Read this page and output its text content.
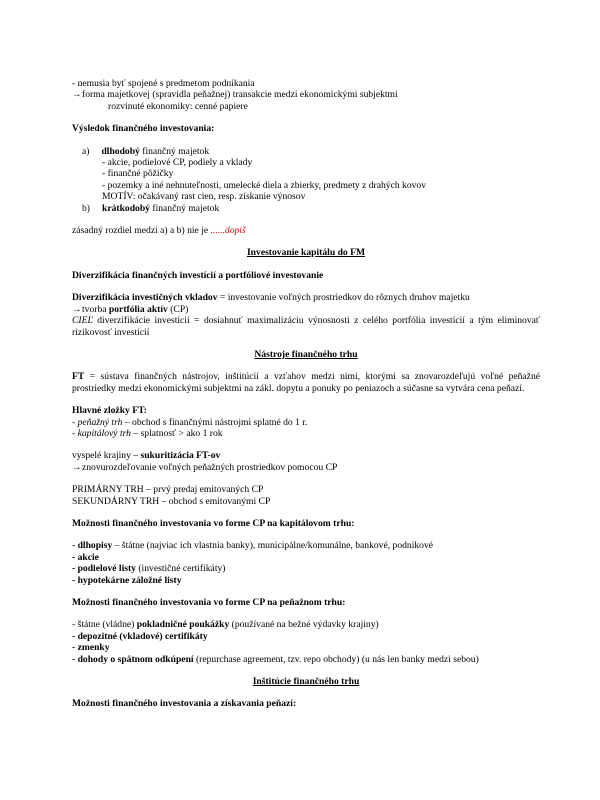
- nemusia byť spojené s predmetom podnikania
→forma majetkovej (spravidla peňažnej) transakcie medzi ekonomickými subjektmi
rozvinuté ekonomiky: cenné papiere
Výsledok finančného investovania:
a) dlhodobý finančný majetok
- akcie, podielové CP, podiely a vklady
- finančné pôžičky
- pozemky a iné nehnuteľnosti, umelecké diela a zbierky, predmety z drahých kovov
MOTÍV: očakávaný rast cien, resp. získanie výnosov
b) krátkodobý finančný majetok
zásadný rozdiel medzi a) a b) nie je ......dopíš
Investovanie kapitálu do FM
Diverzifikácia finančných investícií a portfóliové investovanie
Diverzifikácia investičných vkladov = investovanie voľných prostriedkov do rôznych druhov majetku
→tvorba portfólia aktív (CP)
CIEĽ diverzifikácie investícií = dosiahnuť maximalizáciu výnosnosti z celého portfólia investícií a tým eliminovať rizikovosť investícií
Nástroje finančného trhu
FT = sústava finančných nástrojov, inštitúcií a vzťahov medzi nimi, ktorými sa znovarozdeľujú voľné peňažné prostriedky medzi ekonomickými subjektmi na zákl. dopytu a ponuky po peniazoch a súčasne sa vytvára cena peňazí.
Hlavné zložky FT:
- peňažný trh – obchod s finančnými nástrojmi splatné do 1 r.
- kapitálový trh – splatnosť > ako 1 rok
vyspelé krajiny – sukuritizácia FT-ov
→znovurozdeľovanie voľných peňažných prostriedkov pomocou CP
PRIMÁRNY TRH – prvý predaj emitovaných CP
SEKUNDÁRNY TRH – obchod s emitovanými CP
Možnosti finančného investovania vo forme CP na kapitálovom trhu:
- dlhopisy – štátne (najviac ich vlastnia banky), municipálne/komunálne, bankové, podnikové
- akcie
- podielové listy (investičné certifikáty)
- hypotekárne záložné listy
Možnosti finančného investovania vo forme CP na peňažnom trhu:
- štátne (vládne) pokladničné poukážky (používané na bežné výdavky krajiny)
- depozitné (vkladové) certifikáty
- zmenky
- dohody o spätnom odkúpení (repurchase agreement, tzv. repo obchody) (u nás len banky medzi sebou)
Inštitúcie finančného trhu
Možnosti finančného investovania a získavania peňazí:
